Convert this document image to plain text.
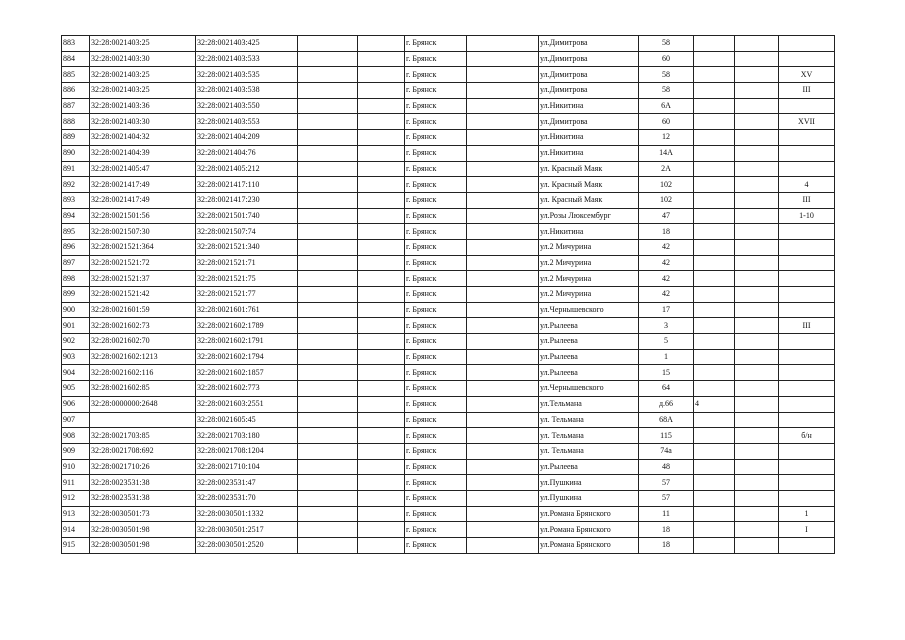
883	32:28:0021403:25	32:28:0021403:425			г. Брянск		ул.Димитрова	58			
884	32:28:0021403:30	32:28:0021403:533			г. Брянск		ул.Димитрова	60			
885	32:28:0021403:25	32:28:0021403:535			г. Брянск		ул.Димитрова	58			XV
886	32:28:0021403:25	32:28:0021403:538			г. Брянск		ул.Димитрова	58			III
887	32:28:0021403:36	32:28:0021403:550			г. Брянск		ул.Никитина	6А			
888	32:28:0021403:30	32:28:0021403:553			г. Брянск		ул.Димитрова	60			XVII
889	32:28:0021404:32	32:28:0021404:209			г. Брянск		ул.Никитина	12			
890	32:28:0021404:39	32:28:0021404:76			г. Брянск		ул.Никитина	14А			
891	32:28:0021405:47	32:28:0021405:212			г. Брянск		ул. Красный Маяк	2А			
892	32:28:0021417:49	32:28:0021417:110			г. Брянск		ул. Красный Маяк	102			4
893	32:28:0021417:49	32:28:0021417:230			г. Брянск		ул. Красный Маяк	102			III
894	32:28:0021501:56	32:28:0021501:740			г. Брянск		ул.Розы Люксембург	47			1-10
895	32:28:0021507:30	32:28:0021507:74			г. Брянск		ул.Никитина	18			
896	32:28:0021521:364	32:28:0021521:340			г. Брянск		ул.2 Мичурина	42			
897	32:28:0021521:72	32:28:0021521:71			г. Брянск		ул.2 Мичурина	42			
898	32:28:0021521:37	32:28:0021521:75			г. Брянск		ул.2 Мичурина	42			
899	32:28:0021521:42	32:28:0021521:77			г. Брянск		ул.2 Мичурина	42			
900	32:28:0021601:59	32:28:0021601:761			г. Брянск		ул.Чернышевского	17			
901	32:28:0021602:73	32:28:0021602:1789			г. Брянск		ул.Рылеева	3			III
902	32:28:0021602:70	32:28:0021602:1791			г. Брянск		ул.Рылеева	5			
903	32:28:0021602:1213	32:28:0021602:1794			г. Брянск		ул.Рылеева	1			
904	32:28:0021602:116	32:28:0021602:1857			г. Брянск		ул.Рылеева	15			
905	32:28:0021602:85	32:28:0021602:773			г. Брянск		ул.Чернышевского	64			
906	32:28:0000000:2648	32:28:0021603:2551			г. Брянск		ул.Тельмана	д.66	4		
907		32:28:0021605:45			г. Брянск		ул. Тельмана	68А			
908	32:28:0021703:85	32:28:0021703:180			г. Брянск		ул. Тельмана	115			б/н
909	32:28:0021708:692	32:28:0021708:1204			г. Брянск		ул. Тельмана	74а			
910	32:28:0021710:26	32:28:0021710:104			г. Брянск		ул.Рылеева	48			
911	32:28:0023531:38	32:28:0023531:47			г. Брянск		ул.Пушкина	57			
912	32:28:0023531:38	32:28:0023531:70			г. Брянск		ул.Пушкина	57			
913	32:28:0030501:73	32:28:0030501:1332			г. Брянск		ул.Романа Брянского	11			1
914	32:28:0030501:98	32:28:0030501:2517			г. Брянск		ул.Романа Брянского	18			I
915	32:28:0030501:98	32:28:0030501:2520			г. Брянск		ул.Романа Брянского	18			
